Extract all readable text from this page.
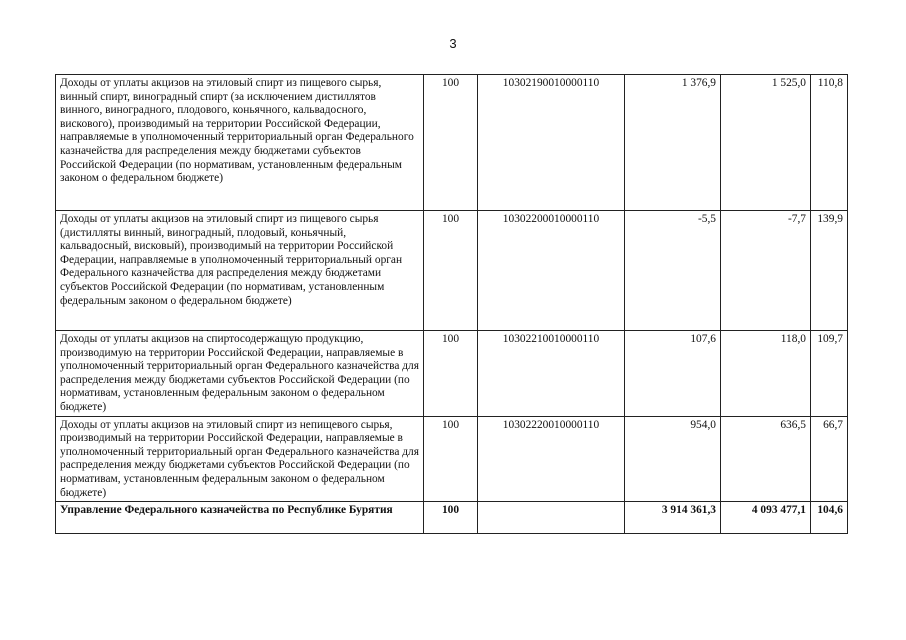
3
Доходы от уплаты акцизов на этиловый спирт из пищевого сырья, винный спирт, виноградный спирт (за исключением дистиллятов винного, виноградного, плодового, коньячного, кальвадосного, вискового), производимый на территории Российской Федерации, направляемые в уполномоченный территориальный орган Федерального казначейства для распределения между бюджетами субъектов Российской Федерации (по нормативам, установленным федеральным законом о федеральном бюджете)	100	10302190010000110	1 376,9	1 525,0	110,8
Доходы от уплаты акцизов на этиловый спирт из пищевого сырья (дистилляты винный, виноградный, плодовый, коньячный, кальвадосный, висковый), производимый на территории Российской Федерации, направляемые в уполномоченный территориальный орган Федерального казначейства для распределения между бюджетами субъектов Российской Федерации (по нормативам, установленным федеральным законом о федеральном бюджете)	100	10302200010000110	-5,5	-7,7	139,9
Доходы от уплаты акцизов на спиртосодержащую продукцию, производимую на территории Российской Федерации, направляемые в уполномоченный территориальный орган Федерального казначейства для распределения между бюджетами субъектов Российской Федерации (по нормативам, установленным федеральным законом о федеральном бюджете)	100	10302210010000110	107,6	118,0	109,7
Доходы от уплаты акцизов на этиловый спирт из непищевого сырья, производимый на территории Российской Федерации, направляемые в уполномоченный территориальный орган Федерального казначейства для распределения между бюджетами субъектов Российской Федерации (по нормативам, установленным федеральным законом о федеральном бюджете)	100	10302220010000110	954,0	636,5	66,7
Управление Федерального казначейства по Республике Бурятия	100		3 914 361,3	4 093 477,1	104,6
